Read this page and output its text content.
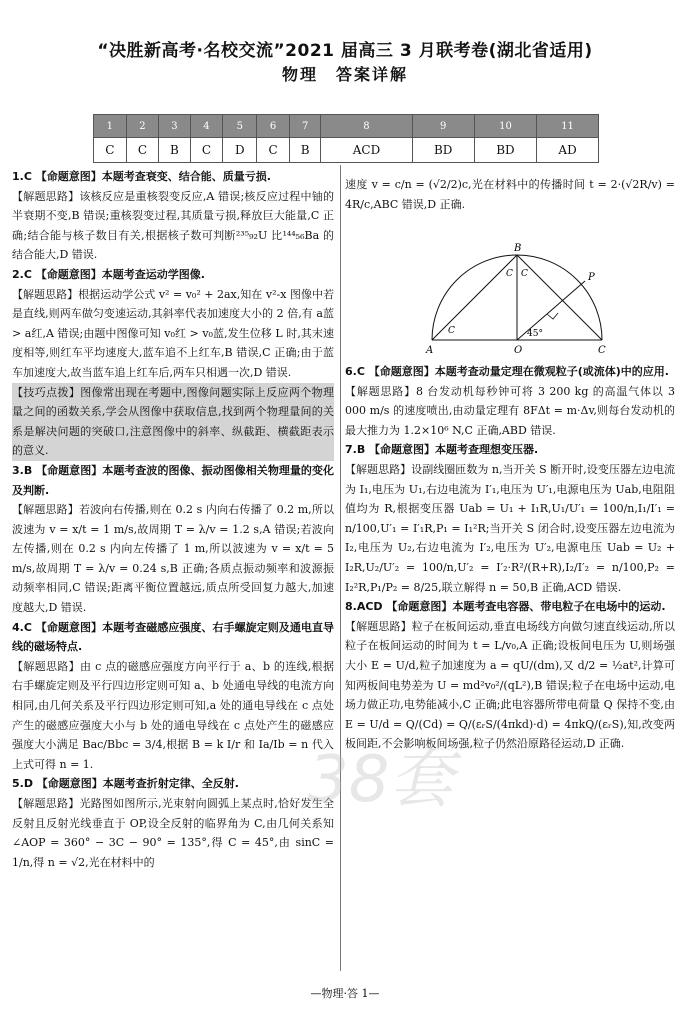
“决胜新高考·名校交流”2021 届高三 3 月联考卷(湖北省适用)
物理　答案详解
1	2	3	4	5	6	7	8	9	10	11
C	C	B	C	D	C	B	ACD	BD	BD	AD

1.C 【命题意图】本题考查衰变、结合能、质量亏损.

【解题思路】该核反应是重核裂变反应,A 错误;核反应过程中铀的半衰期不变,B 错误;重核裂变过程,其质量亏损,释放巨大能量,C 正确;结合能与核子数目有关,根据核子数可判断²³⁵₉₂U 比¹⁴⁴₅₆Ba 的结合能大,D 错误.

2.C 【命题意图】本题考查运动学图像.

【解题思路】根据运动学公式 v² = v₀² + 2ax,知在 v²‑x 图像中若是直线,则两车做匀变速运动,其斜率代表加速度大小的 2 倍,有 a蓝 > a红,A 错误;由题中图像可知 v₀红 > v₀蓝,发生位移 L 时,其末速度相等,则红车平均速度大,蓝车追不上红车,B 错误,C 正确;由于蓝车加速度大,故当蓝车追上红车后,两车只相遇一次,D 错误.

【技巧点拨】图像常出现在考题中,图像问题实际上反应两个物理量之间的函数关系,学会从图像中获取信息,找到两个物理量间的关系是解决问题的突破口,注意图像中的斜率、纵截距、横截距表示的意义.

3.B 【命题意图】本题考查波的图像、振动图像相关物理量的变化及判断.

【解题思路】若波向右传播,则在 0.2 s 内向右传播了 0.2 m,所以波速为 v = x/t = 1 m/s,故周期 T = λ/v = 1.2 s,A 错误;若波向左传播,则在 0.2 s 内向左传播了 1 m,所以波速为 v = x/t = 5 m/s,故周期 T = λ/v = 0.24 s,B 正确;各质点振动频率和波源振动频率相同,C 错误;距离平衡位置越远,质点所受回复力越大,加速度越大,D 错误.

4.C 【命题意图】本题考查磁感应强度、右手螺旋定则及通电直导线的磁场特点.

【解题思路】由 c 点的磁感应强度方向平行于 a、b 的连线,根据右手螺旋定则及平行四边形定则可知 a、b 处通电导线的电流方向相同,由几何关系及平行四边形定则可知,a 处的通电导线在 c 点处产生的磁感应强度大小与 b 处的通电导线在 c 点处产生的磁感应强度大小满足 Bac/Bbc = 3/4,根据 B = k I/r 和 Ia/Ib = n 代入上式可得 n = 1.

5.D 【命题意图】本题考查折射定律、全反射.

【解题思路】光路图如图所示,光束射向圆弧上某点时,恰好发生全反射且反射光线垂直于 OP,设全反射的临界角为 C,由几何关系知∠AOP = 360° − 3C − 90° = 135°,得 C = 45°,由 sinC = 1/n,得 n = √2,光在材料中的

速度 v = c/n = (√2/2)c,光在材料中的传播时间 t = 2·(√2R/v) = 4R/c,ABC 错误,D 正确.

B
P
A	O	C
C
C C
45°

6.C 【命题意图】本题考查动量定理在微观粒子(或流体)中的应用.

【解题思路】8 台发动机每秒钟可将 3 200 kg 的高温气体以 3 000 m/s 的速度喷出,由动量定理有 8FΔt = m·Δv,则每台发动机的最大推力为 1.2×10⁶ N,C 正确,ABD 错误.

7.B 【命题意图】本题考查理想变压器.

【解题思路】设副线圈匝数为 n,当开关 S 断开时,设变压器左边电流为 I₁,电压为 U₁,右边电流为 I′₁,电压为 U′₁,电源电压为 Uab,电阻阻值均为 R,根据变压器 Uab = U₁ + I₁R,U₁/U′₁ = 100/n,I₁/I′₁ = n/100,U′₁ = I′₁R,P₁ = I₁²R;当开关 S 闭合时,设变压器左边电流为 I₂,电压为 U₂,右边电流为 I′₂,电压为 U′₂,电源电压 Uab = U₂ + I₂R,U₂/U′₂ = 100/n,U′₂ = I′₂·R²/(R+R),I₂/I′₂ = n/100,P₂ = I₂²R,P₁/P₂ = 8/25,联立解得 n = 50,B 正确,ACD 错误.

8.ACD 【命题意图】本题考查电容器、带电粒子在电场中的运动.

【解题思路】粒子在板间运动,垂直电场线方向做匀速直线运动,所以粒子在板间运动的时间为 t = L/v₀,A 正确;设板间电压为 U,则场强大小 E = U/d,粒子加速度为 a = qU/(dm),又 d/2 = ½at²,计算可知两板间电势差为 U = md²v₀²/(qL²),B 错误;粒子在电场中运动,电场力做正功,电势能减小,C 正确;此电容器所带电荷量 Q 保持不变,由 E = U/d = Q/(Cd) = Q/(εᵣS/(4πkd)·d) = 4πkQ/(εᵣS),知,改变两板间距,不会影响板间场强,粒子仍然沿原路径运动,D 正确.

38套
—物理·答 1—
